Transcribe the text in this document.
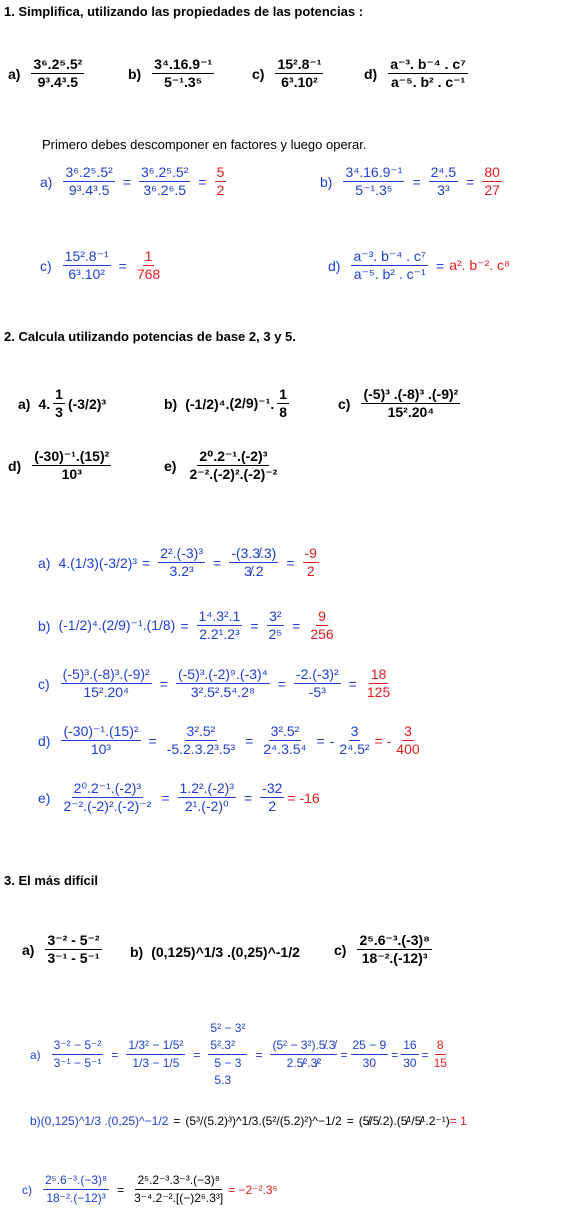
1. Simplifica, utilizando las propiedades de las potencias :
$a) \frac{\text{3⁶.2⁵.5²}}{\text{9³.4³.5}}$	$b) \frac{\text{3⁴.16.9⁻¹}}{\text{5⁻¹.3⁵}}$	$c) \frac{\text{15².8⁻¹}}{\text{6³.10²}}$	$d) \frac{\text{a⁻³. b⁻⁴ . c⁷}}{\text{a⁻⁵. b² . c⁻¹}}$
Primero debes descomponer en factores y luego operar.
$a) \frac{\text{3⁶.2⁵.5²}}{\text{9³.4³.5}} = \frac{\text{3⁶.2⁵.5²}}{\text{3⁶.2⁶.5}} = \frac{5}{2}$	$b) \frac{\text{3⁴.16.9⁻¹}}{\text{5⁻¹.3⁵}} = \frac{\text{2⁴.5}}{\text{3³}} = \frac{80}{27}$
$c) \frac{\text{15².8⁻¹}}{\text{6³.10²}} = \frac{1}{768}$	$d) \frac{\text{a⁻³. b⁻⁴ . c⁷}}{\text{a⁻⁵. b² . c⁻¹}} = a^2$. b⁻². c⁸
2. Calcula utilizando potencias de base 2, 3 y 5.
a) 4. $\frac{1}{3} (-3/2)^3$	b) (-1/2)⁴ . (2/9)⁻¹ . $\frac{1}{8}$	$c) \frac{\text{(-5)³ .(-8)³ .(-9)²}}{\text{15².20⁴}}$
$d) \frac{\text{(-30)⁻¹.(15)²}}{\text{10³}}$	$e) \frac{\text{2⁰.2⁻¹.(-2)³}}{\text{2⁻².(-2)².(-2)⁻²}}$
a) $4.(1/3)(-3/2)^3 = \frac{\text{2².(-3)³}}{\text{3.2³}} = \frac{-(3.3̸.3)}{3̸.2} = \frac{-9}{2}$
b) $(-1/2)^4.(2/9)^{-1}.(1/8) = \frac{\text{1⁴.3².1}}{\text{2.2¹.2³}} = \frac{\text{3²}}{\text{2⁵}} = \frac{9}{256}$
$c) \frac{\text{(-5)³.(-8)³.(-9)²}}{\text{15².20⁴}} = \frac{\text{(-5)³.(-2)⁹.(-3)⁴}}{\text{3².5².5⁴.2⁸}} = \frac{\text{-2.(-3)²}}{\text{-5³}} = \frac{18}{125}$
$d) \frac{\text{(-30)⁻¹.(15)²}}{\text{10³}} = \frac{\text{3².5²}}{\text{-5.2.3.2³.5³}} = \frac{\text{3².5²}}{\text{2⁴.3.5⁴}}$ = - $\frac{3}{\text{2⁴.5²}}$ = - $\frac{3}{400}$
$e) \frac{\text{2⁰.2⁻¹.(-2)³}}{\text{2⁻².(-2)².(-2)⁻²}} = \frac{\text{1.2².(-2)³}}{\text{2¹.(-2)⁰}} = \frac{-32}{2} = -16$
3. El más difícil
$a) \frac{\text{3⁻² - 5⁻²}}{\text{3⁻¹ - 5⁻¹}} b$) (0,125)^1/3 .(0,25)^-1/2 $c) \frac{\text{2⁵.6⁻³.(-3)⁸}}{\text{18⁻².(-12)³}}$
$a) \frac{\text{3⁻² − 5⁻²}}{\text{3⁻¹ − 5⁻¹}} = \frac{\text{1/3² − 1/5²}}{1/3 - 1/5}$ =
5² − 3²
5².3²
5 − 3
5.3
= $\frac{\text{(5² − 3²).5̸.3̸}}{\text{2.5̸².3̸²}} = \frac{25 - 9}{30} = \frac{16}{30} = \frac{8}{15}$
b) (0,125)^1/3 .(0,25)^−1/2 = (5³/(5.2)³)^1/3 . (5²/(5.2)²)^−1/2 = (5̸/5̸.2).(5̸¹/5̸¹.2⁻¹) = 1
$c) \frac{\text{2⁵.6⁻³.(−3)⁸}}{\text{18⁻².(−12)³}} = \frac{\text{2⁵.2⁻³.3⁻³.(−3)⁸}}{\text{3⁻⁴.2⁻².[(−)2⁶.3³]}} = -2^{-2}.3^6$
